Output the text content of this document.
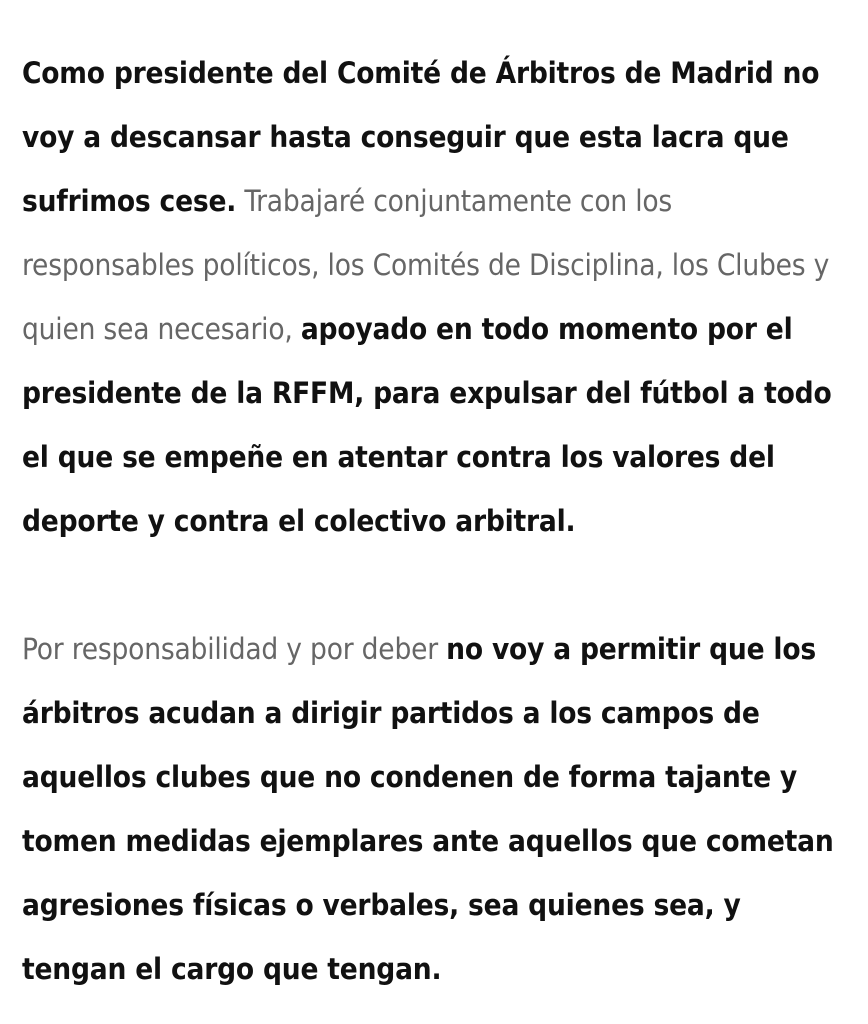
Como presidente del Comité de Árbitros de Madrid no voy a descansar hasta conseguir que esta lacra que sufrimos cese. Trabajaré conjuntamente con los responsables políticos, los Comités de Disciplina, los Clubes y quien sea necesario, apoyado en todo momento por el presidente de la RFFM, para expulsar del fútbol a todo el que se empeñe en atentar contra los valores del deporte y contra el colectivo arbitral.

Por responsabilidad y por deber no voy a permitir que los árbitros acudan a dirigir partidos a los campos de aquellos clubes que no condenen de forma tajante y tomen medidas ejemplares ante aquellos que cometan agresiones físicas o verbales, sea quienes sea, y tengan el cargo que tengan.
